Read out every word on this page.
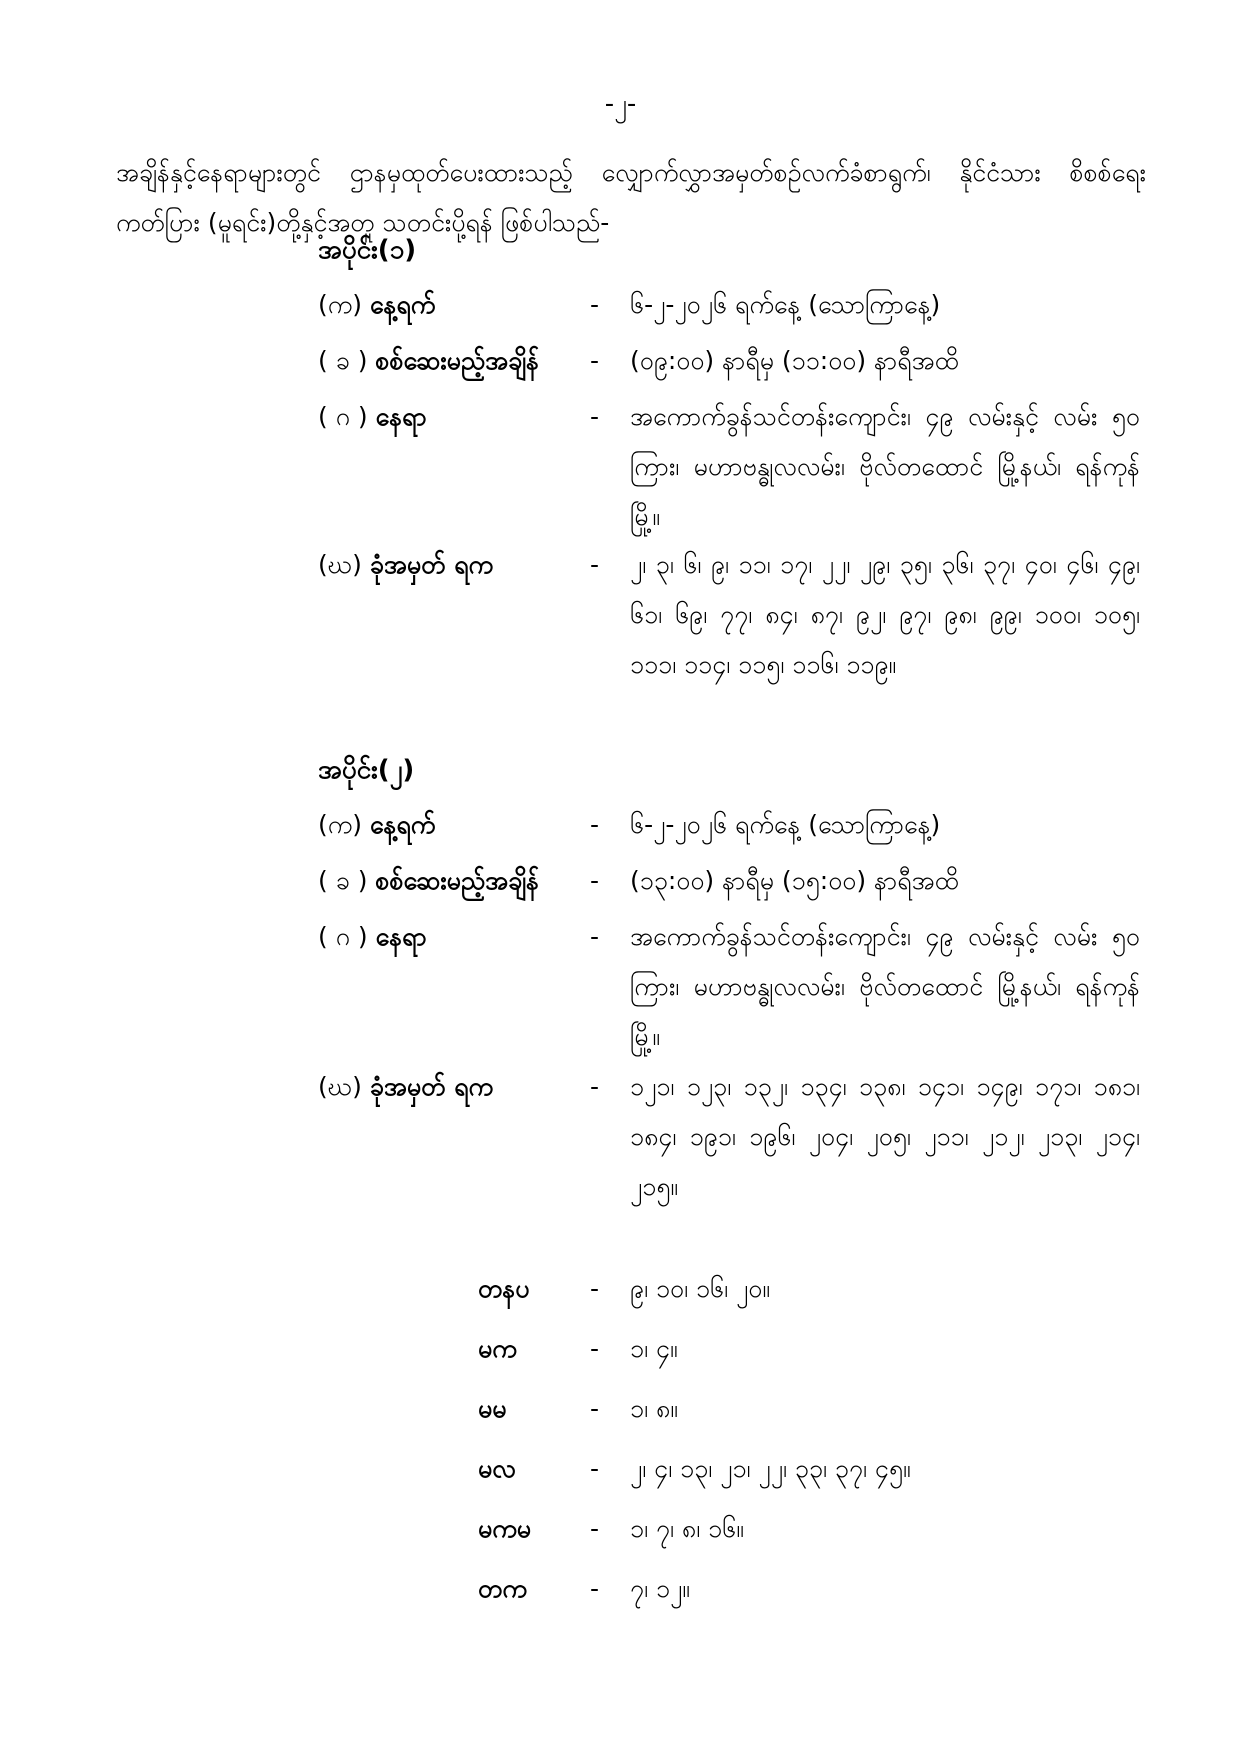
-၂-
အချိန်နှင့်နေရာများတွင် ဌာနမှထုတ်ပေးထားသည့် လျှောက်လွှာအမှတ်စဉ်လက်ခံစာရွက်၊ နိုင်ငံသား စိစစ်ရေးကတ်ပြား (မူရင်း)တို့နှင့်အတူ သတင်းပို့ရန် ဖြစ်ပါသည်-
အပိုင်း(၁)
(က) နေ့ရက်	- ၆-၂-၂၀၂၆ ရက်နေ့ (သောကြာနေ့)
( ခ ) စစ်ဆေးမည့်အချိန် - (၀၉:၀၀) နာရီမှ (၁၁:၀၀) နာရီအထိ
( ဂ ) နေရာ	- အကောက်ခွန်သင်တန်းကျောင်း၊ ၄၉ လမ်းနှင့် လမ်း ၅၀ ကြား၊ မဟာဗန္ဓုလလမ်း၊ ဗိုလ်တထောင် မြို့နယ်၊ ရန်ကုန်မြို့။
(ဃ) ခုံအမှတ် ရက	- ၂၊ ၃၊ ၆၊ ၉၊ ၁၁၊ ၁၇၊ ၂၂၊ ၂၉၊ ၃၅၊ ၃၆၊ ၃၇၊ ၄၀၊ ၄၆၊ ၄၉၊ ၆၁၊ ၆၉၊ ၇၇၊ ၈၄၊ ၈၇၊ ၉၂၊ ၉၇၊ ၉၈၊ ၉၉၊ ၁၀၀၊ ၁၀၅၊ ၁၁၁၊ ၁၁၄၊ ၁၁၅၊ ၁၁၆၊ ၁၁၉။
အပိုင်း(၂)
(က) နေ့ရက်	- ၆-၂-၂၀၂၆ ရက်နေ့ (သောကြာနေ့)
( ခ ) စစ်ဆေးမည့်အချိန် - (၁၃:၀၀) နာရီမှ (၁၅:၀၀) နာရီအထိ
( ဂ ) နေရာ	- အကောက်ခွန်သင်တန်းကျောင်း၊ ၄၉ လမ်းနှင့် လမ်း ၅၀ ကြား၊ မဟာဗန္ဓုလလမ်း၊ ဗိုလ်တထောင် မြို့နယ်၊ ရန်ကုန်မြို့။
(ဃ) ခုံအမှတ် ရက	- ၁၂၁၊ ၁၂၃၊ ၁၃၂၊ ၁၃၄၊ ၁၃၈၊ ၁၄၁၊ ၁၄၉၊ ၁၇၁၊ ၁၈၁၊ ၁၈၄၊ ၁၉၁၊ ၁၉၆၊ ၂၀၄၊ ၂၀၅၊ ၂၁၁၊ ၂၁၂၊ ၂၁၃၊ ၂၁၄၊ ၂၁၅။
တနပ - ၉၊ ၁၀၊ ၁၆၊ ၂၀။
မက	- ၁၊ ၄။
မမ	- ၁၊ ၈။
မလ	- ၂၊ ၄၊ ၁၃၊ ၂၁၊ ၂၂၊ ၃၃၊ ၃၇၊ ၄၅။
မကမ - ၁၊ ၇၊ ၈၊ ၁၆။
တက	- ၇၊ ၁၂။
